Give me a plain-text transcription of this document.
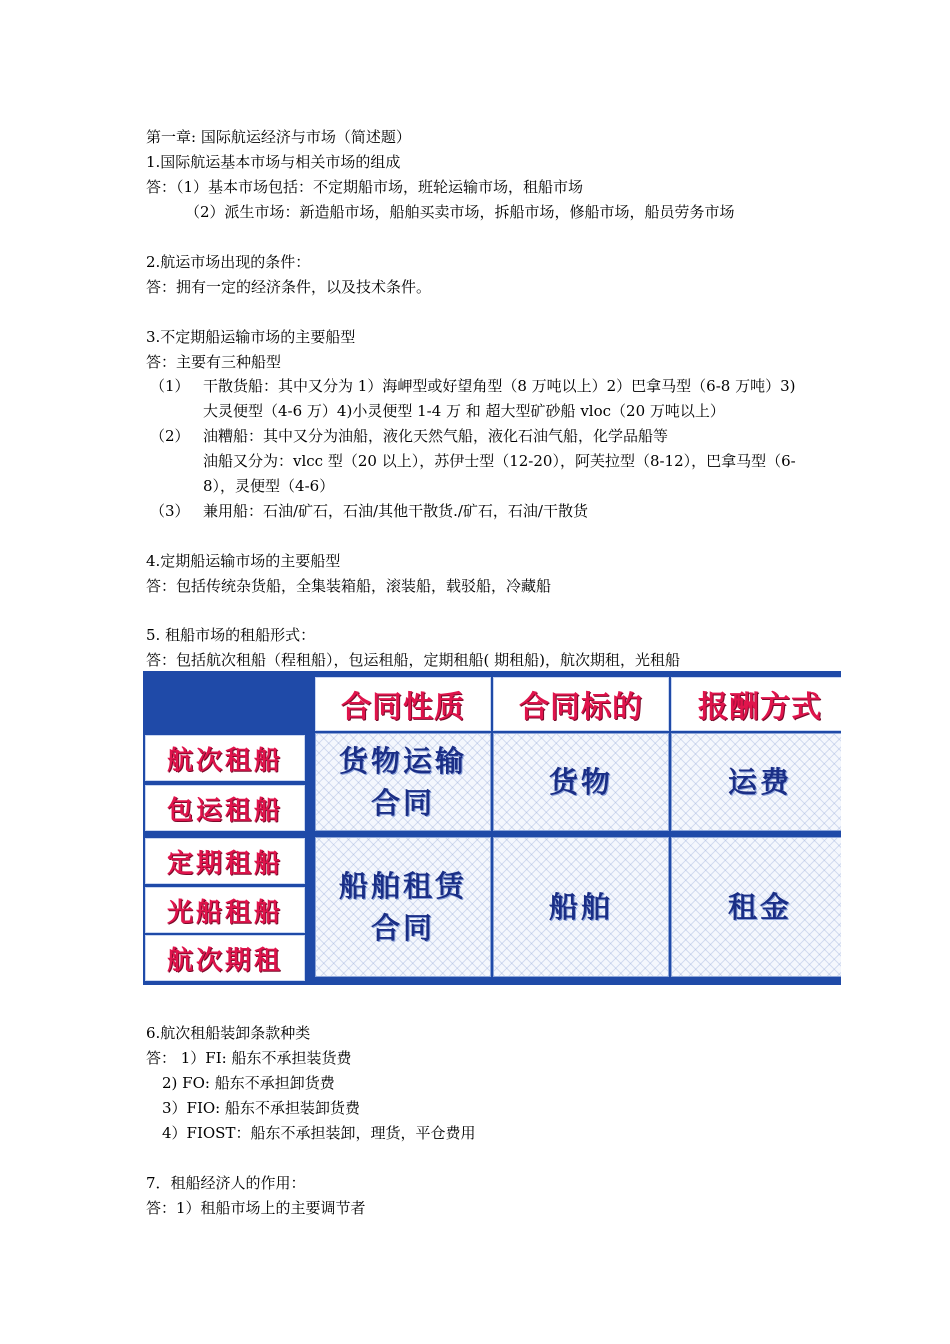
第一章: 国际航运经济与市场（简述题）
1.国际航运基本市场与相关市场的组成
答：（1）基本市场包括：不定期船市场，班轮运输市场，租船市场
（2）派生市场：新造船市场，船舶买卖市场，拆船市场，修船市场，船员劳务市场
2.航运市场出现的条件：
答：拥有一定的经济条件，以及技术条件。
3.不定期船运输市场的主要船型
答：主要有三种船型
（1） 干散货船：其中又分为 1）海岬型或好望角型（8 万吨以上）2）巴拿马型（6-8 万吨）3)
大灵便型（4-6 万）4)小灵便型 1-4 万 和 超大型矿砂船 vloc（20 万吨以上）
（2） 油糟船：其中又分为油船，液化天然气船，液化石油气船，化学品船等
油船又分为：vlcc 型（20 以上），苏伊士型（12-20），阿芙拉型（8-12），巴拿马型（6-
8），灵便型（4-6）
（3） 兼用船：石油/矿石，石油/其他干散货./矿石，石油/干散货
4.定期船运输市场的主要船型
答：包括传统杂货船，全集装箱船，滚装船，载驳船，冷藏船
5. 租船市场的租船形式：
答：包括航次租船（程租船），包运租船，定期租船( 期租船)，航次期租，光租船
合同性质 合同标的 报酬方式
航次租船
包运租船
定期租船
光船租船
航次期租
货物运输
合同
货物	运费
船舶租赁
合同
船舶	租金
6.航次租船装卸条款种类
答： 1）FI: 船东不承担装货费
2) FO: 船东不承担卸货费
3）FIO: 船东不承担装卸货费
4）FIOST：船东不承担装卸，理货，平仓费用
7．租船经济人的作用：
答：1）租船市场上的主要调节者
